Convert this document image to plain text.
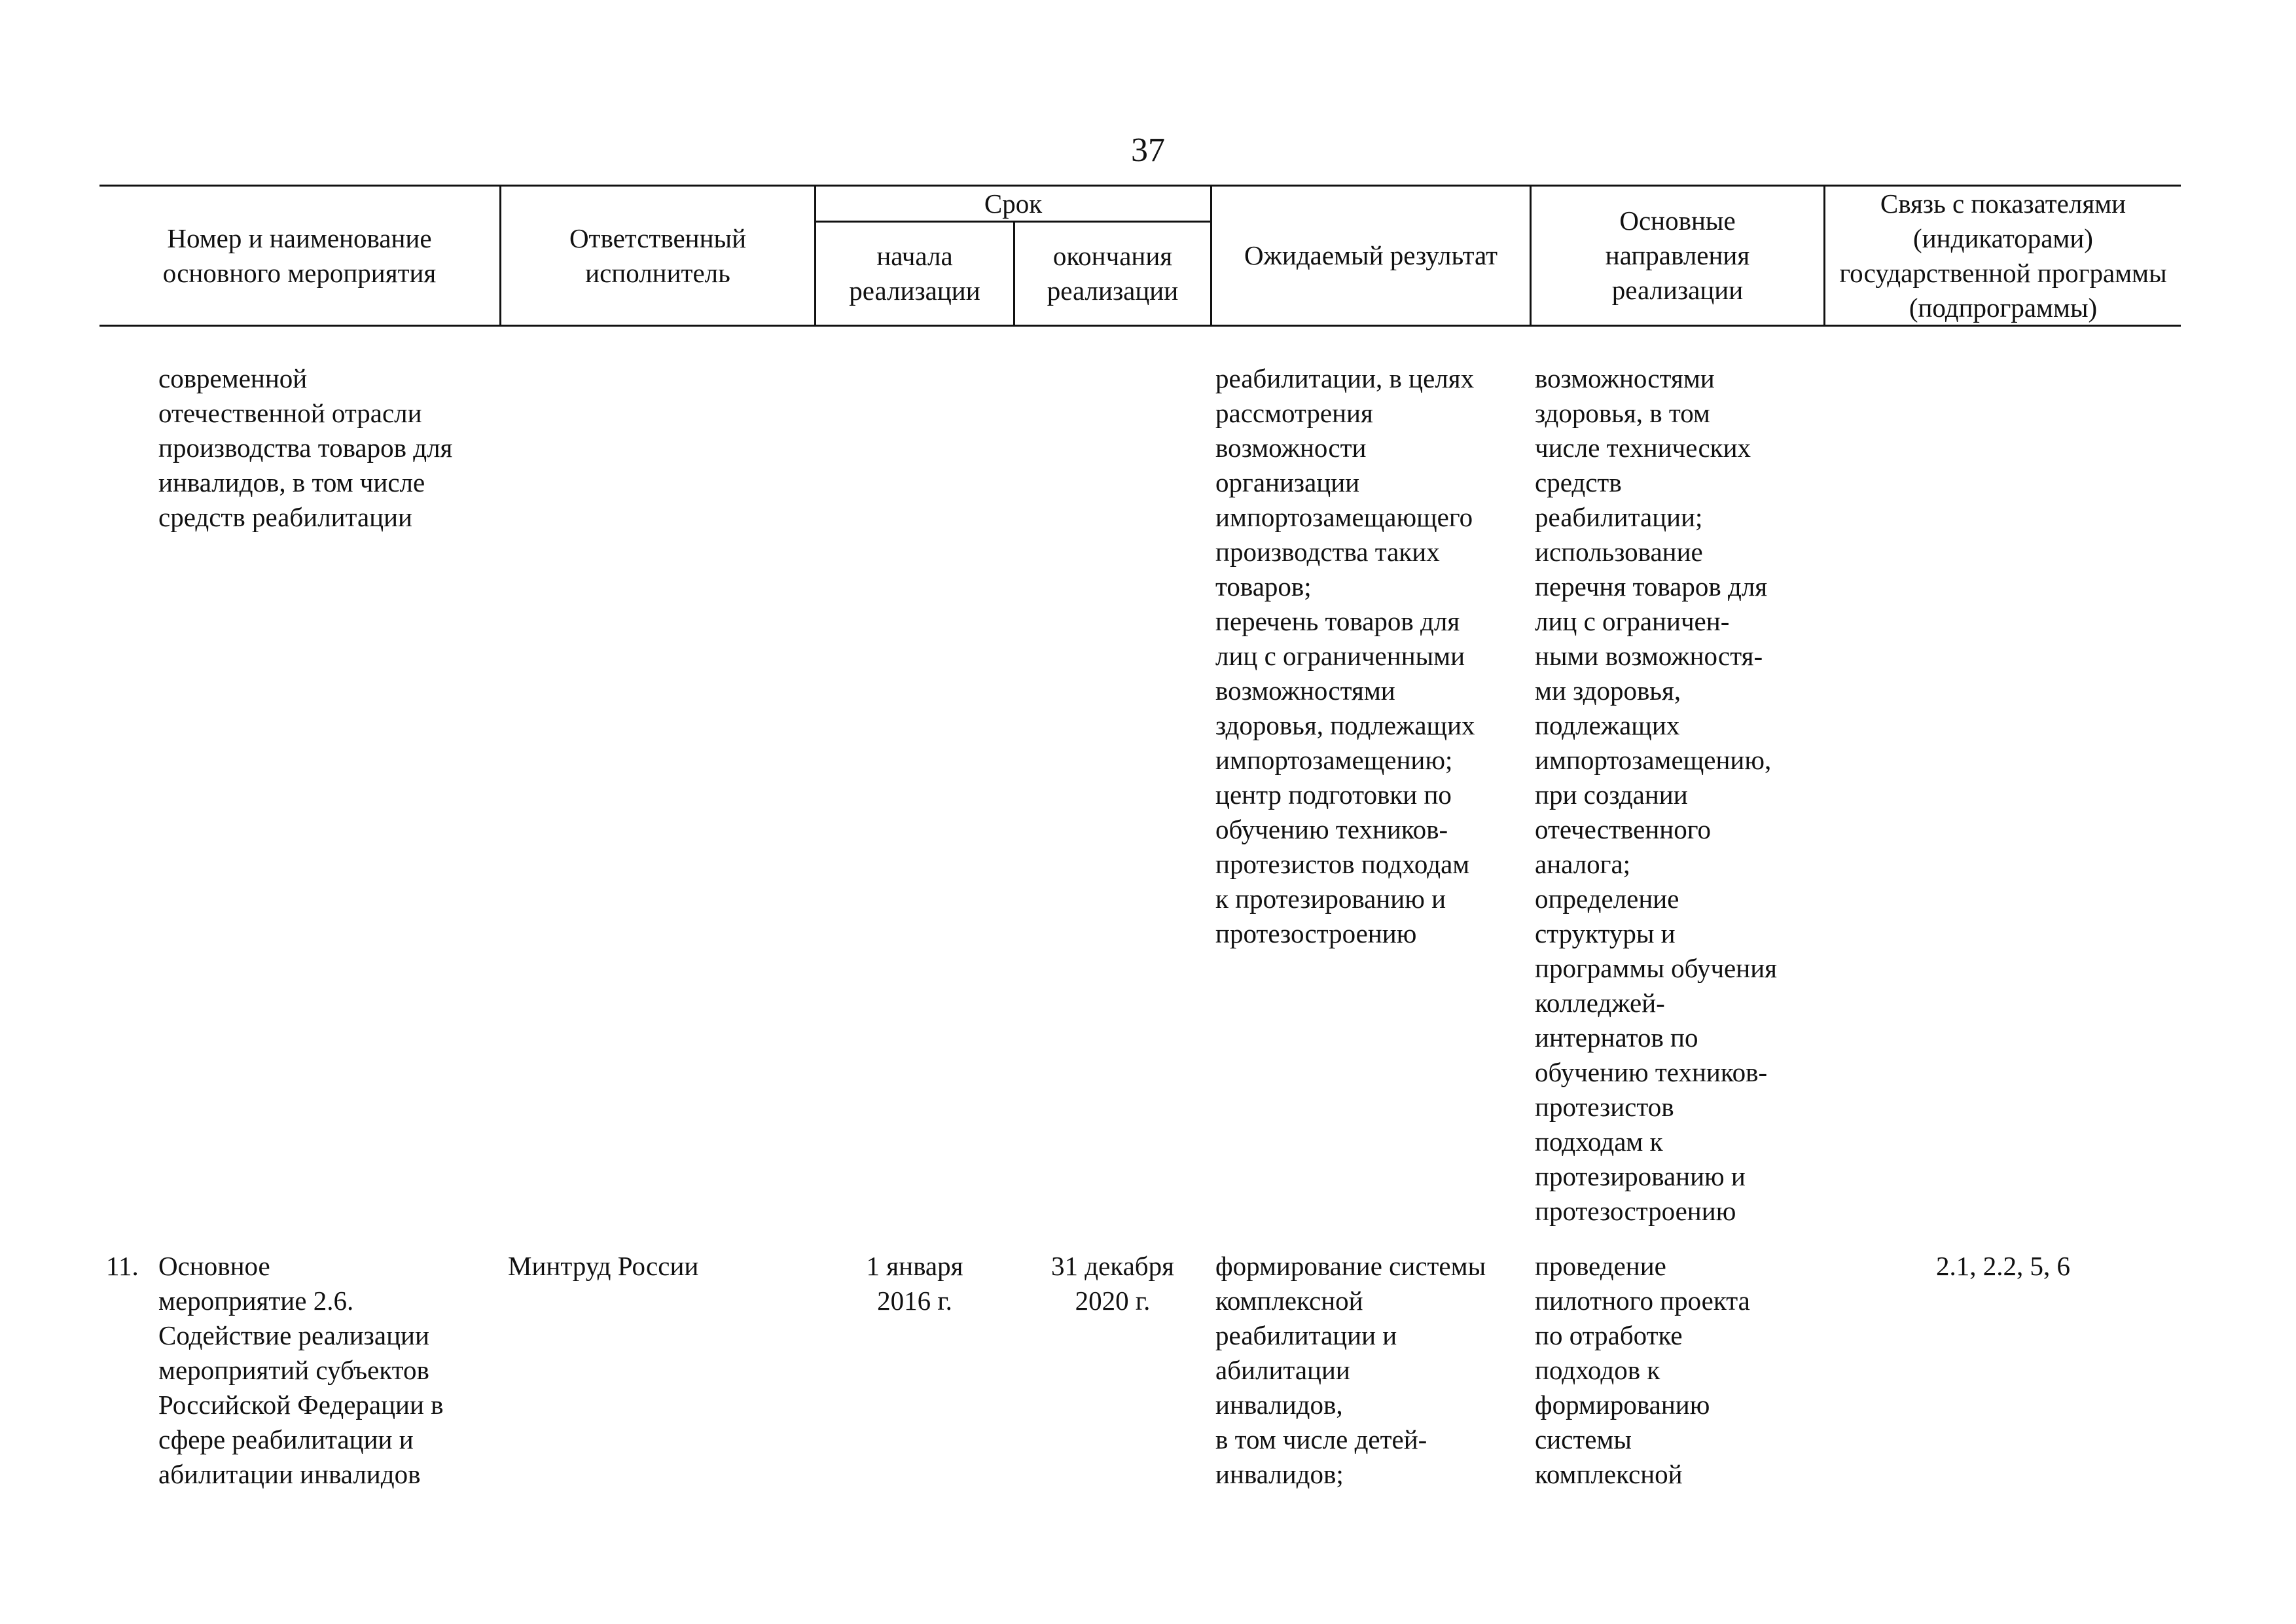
37
Номер и наименование
основного мероприятия
Ответственный
исполнитель
Срок
начала
реализации
окончания
реализации
Ожидаемый результат
Основные
направления
реализации
Связь с показателями
(индикаторами)
государственной программы
(подпрограммы)
современной
отечественной отрасли
производства товаров для
инвалидов, в том числе
средств реабилитации
реабилитации, в целях
рассмотрения
возможности
организации
импортозамещающего
производства таких
товаров;
перечень товаров для
лиц с ограниченными
возможностями
здоровья, подлежащих
импортозамещению;
центр подготовки по
обучению техников-
протезистов подходам
к протезированию и
протезостроению
возможностями
здоровья, в том
числе технических
средств
реабилитации;
использование
перечня товаров для
лиц с ограничен-
ными возможностя-
ми здоровья,
подлежащих
импортозамещению,
при создании
отечественного
аналога;
определение
структуры и
программы обучения
колледжей-
интернатов по
обучению техников-
протезистов
подходам к
протезированию и
протезостроению
11. Основное
мероприятие 2.6.
Содействие реализации
мероприятий субъектов
Российской Федерации в
сфере реабилитации и
абилитации инвалидов
Минтруд России	1 января
2016 г.
31 декабря
2020 г.
формирование системы
комплексной
реабилитации и
абилитации
инвалидов,
в том числе детей-
инвалидов;
проведение
пилотного проекта
по отработке
подходов к
формированию
системы
комплексной
2.1, 2.2, 5, 6
